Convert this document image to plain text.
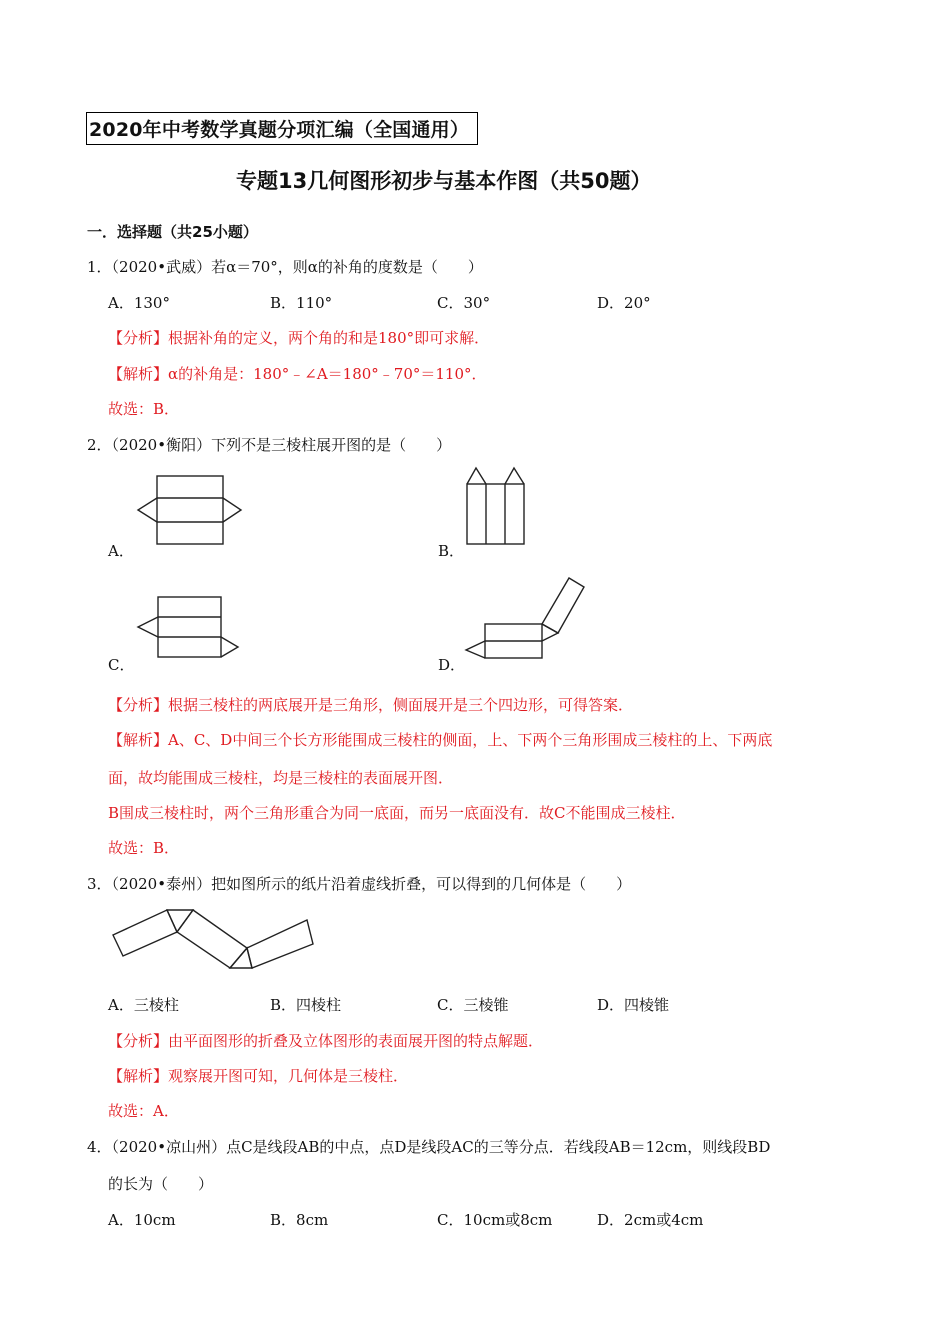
2020年中考数学真题分项汇编（全国通用）
专题13几何图形初步与基本作图（共50题）
一．选择题（共25小题）
1．（2020•武威）若α＝70°，则α的补角的度数是（　　）
A．130°	B．110°	C．30°	D．20°
【分析】根据补角的定义，两个角的和是180°即可求解．
【解析】α的补角是：180°﹣∠A＝180°﹣70°＝110°．
故选：B．
2．（2020•衡阳）下列不是三棱柱展开图的是（　　）
A．	B．
C．	D．
【分析】根据三棱柱的两底展开是三角形，侧面展开是三个四边形，可得答案．
【解析】A、C、D中间三个长方形能围成三棱柱的侧面，上、下两个三角形围成三棱柱的上、下两底
面，故均能围成三棱柱，均是三棱柱的表面展开图．
B围成三棱柱时，两个三角形重合为同一底面，而另一底面没有．故C不能围成三棱柱．
故选：B．
3．（2020•泰州）把如图所示的纸片沿着虚线折叠，可以得到的几何体是（　　）
A．三棱柱	B．四棱柱	C．三棱锥	D．四棱锥
【分析】由平面图形的折叠及立体图形的表面展开图的特点解题．
【解析】观察展开图可知，几何体是三棱柱．
故选：A．
4．（2020•凉山州）点C是线段AB的中点，点D是线段AC的三等分点．若线段AB＝12cm，则线段BD
的长为（　　）
A．10cm	B．8cm	C．10cm或8cm	D．2cm或4cm
